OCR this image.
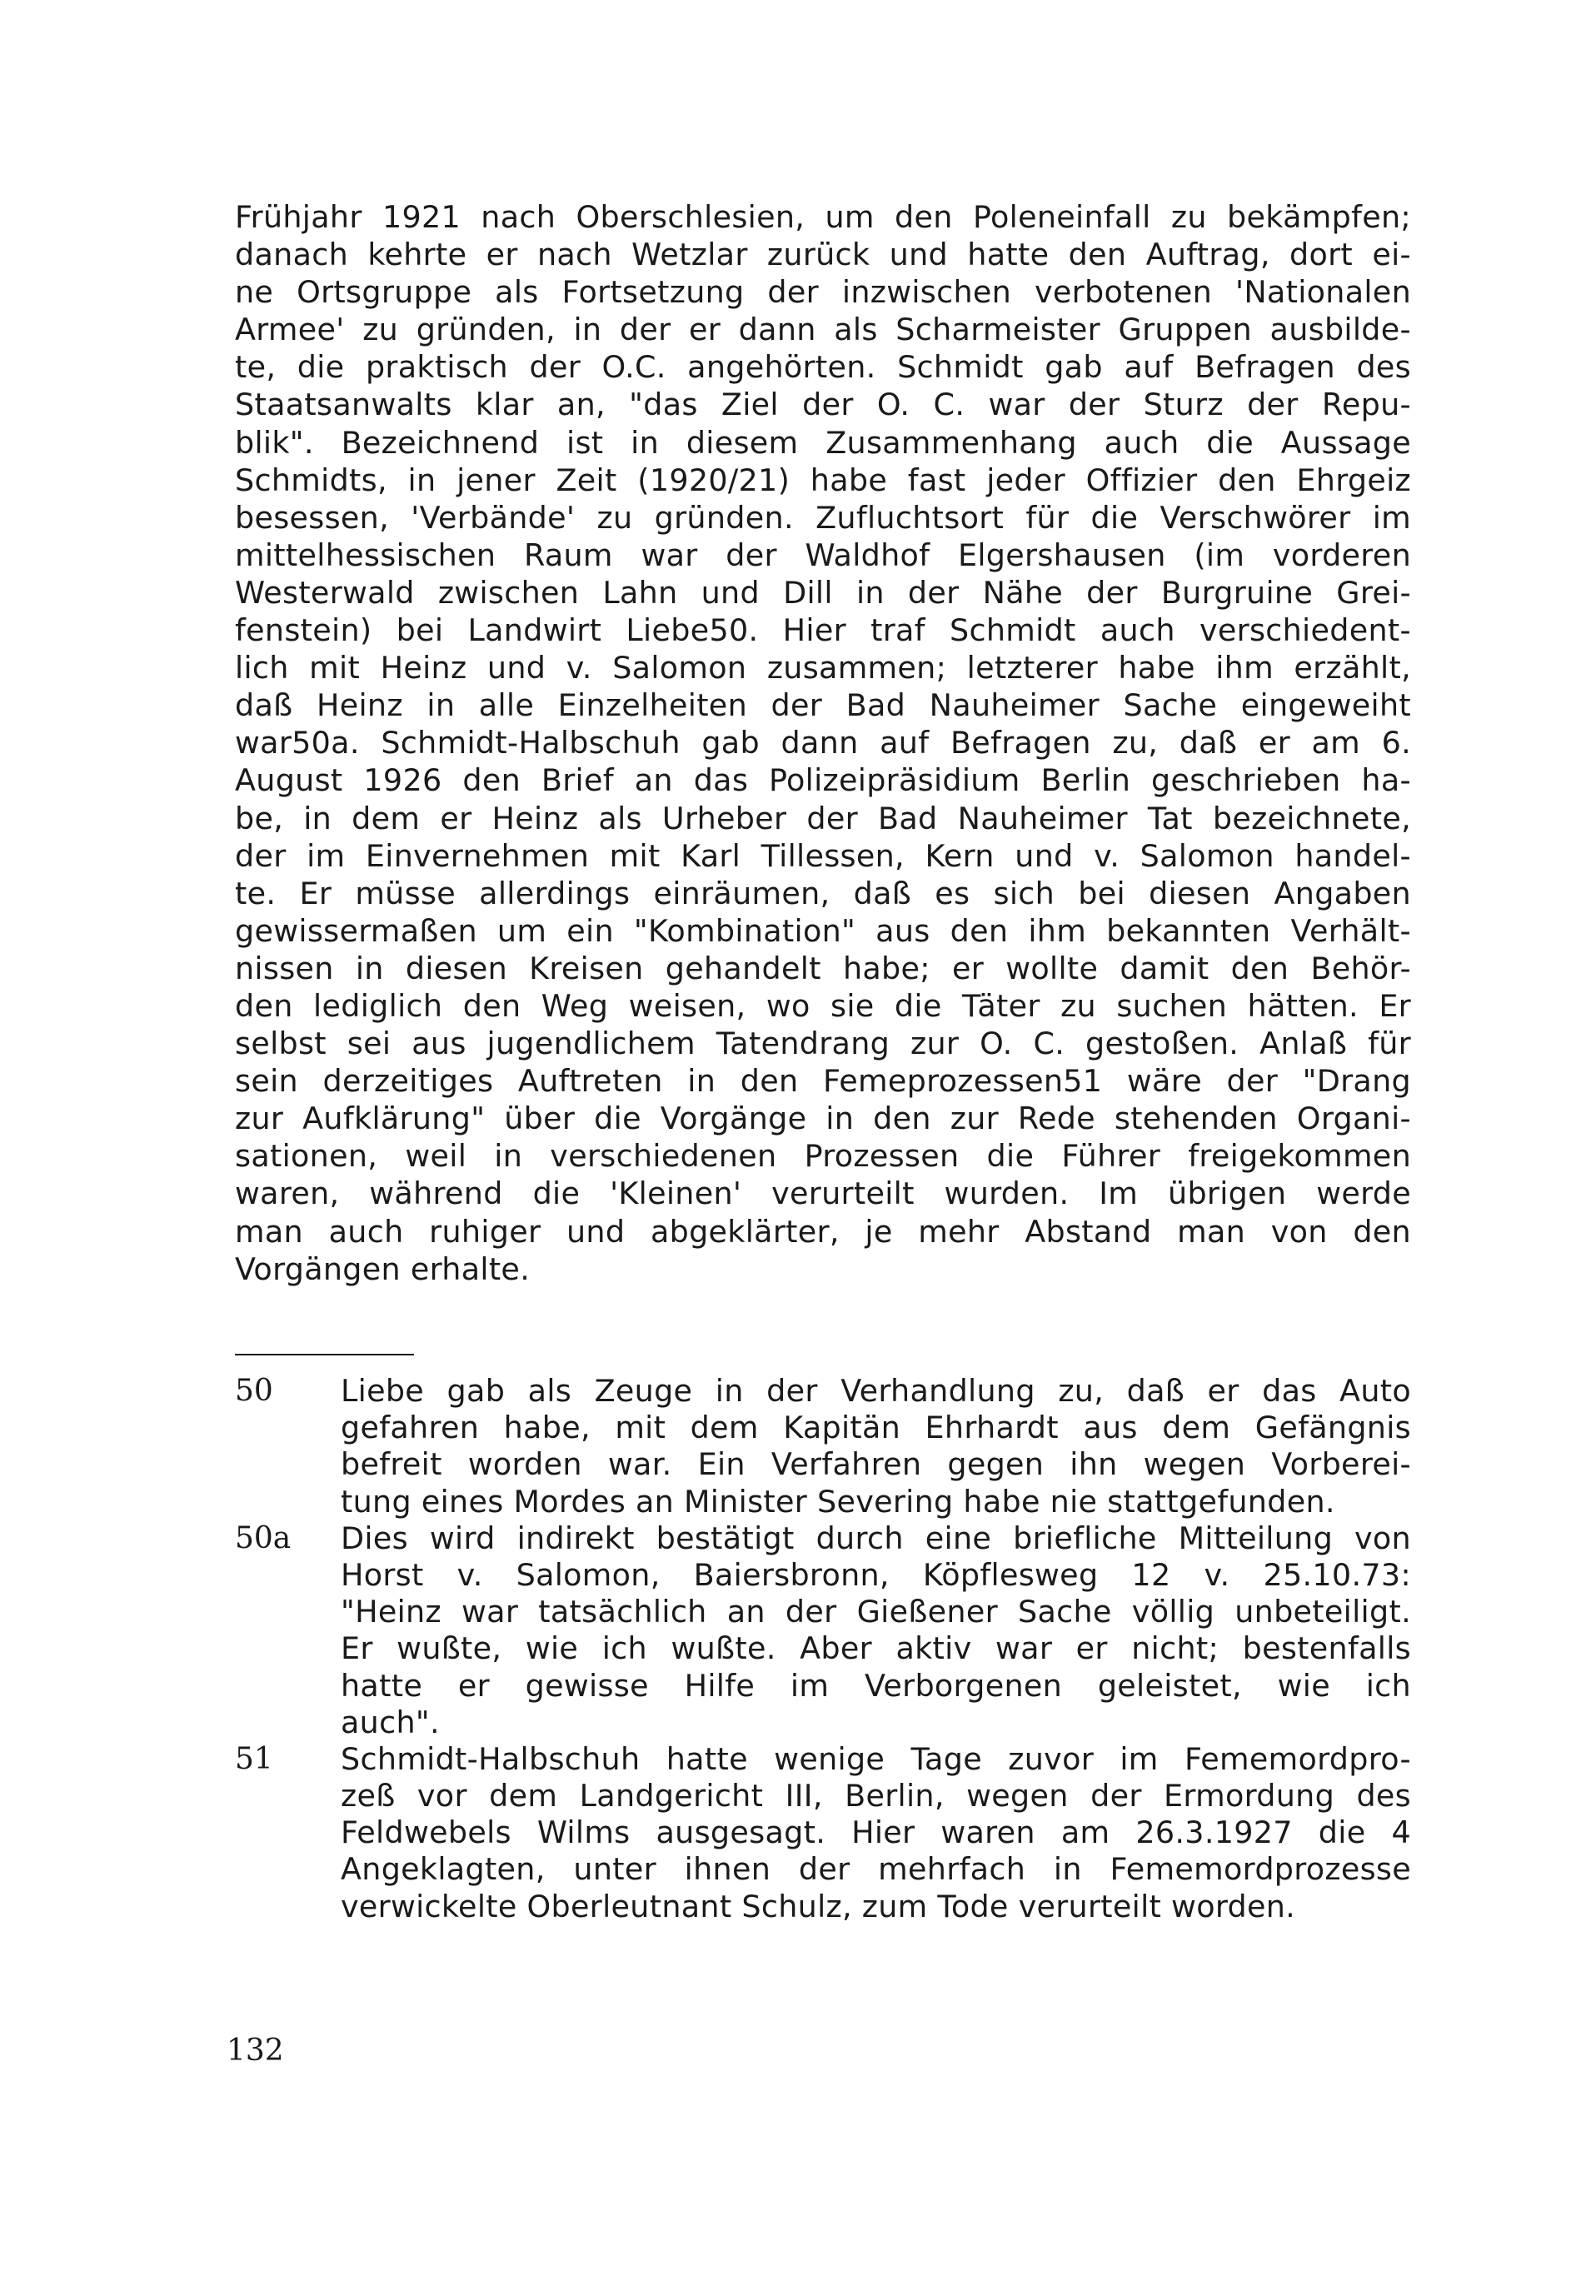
Frühjahr 1921 nach Oberschlesien, um den Poleneinfall zu bekämpfen;
danach kehrte er nach Wetzlar zurück und hatte den Auftrag, dort ei-
ne Ortsgruppe als Fortsetzung der inzwischen verbotenen 'Nationalen
Armee' zu gründen, in der er dann als Scharmeister Gruppen ausbilde-
te, die praktisch der O.C. angehörten. Schmidt gab auf Befragen des
Staatsanwalts klar an, "das Ziel der O. C. war der Sturz der Repu-
blik". Bezeichnend ist in diesem Zusammenhang auch die Aussage
Schmidts, in jener Zeit (1920/21) habe fast jeder Offizier den Ehrgeiz
besessen, 'Verbände' zu gründen. Zufluchtsort für die Verschwörer im
mittelhessischen Raum war der Waldhof Elgershausen (im vorderen
Westerwald zwischen Lahn und Dill in der Nähe der Burgruine Grei-
fenstein) bei Landwirt Liebe50. Hier traf Schmidt auch verschiedent-
lich mit Heinz und v. Salomon zusammen; letzterer habe ihm erzählt,
daß Heinz in alle Einzelheiten der Bad Nauheimer Sache eingeweiht
war50a. Schmidt-Halbschuh gab dann auf Befragen zu, daß er am 6.
August 1926 den Brief an das Polizeipräsidium Berlin geschrieben ha-
be, in dem er Heinz als Urheber der Bad Nauheimer Tat bezeichnete,
der im Einvernehmen mit Karl Tillessen, Kern und v. Salomon handel-
te. Er müsse allerdings einräumen, daß es sich bei diesen Angaben
gewissermaßen um ein "Kombination" aus den ihm bekannten Verhält-
nissen in diesen Kreisen gehandelt habe; er wollte damit den Behör-
den lediglich den Weg weisen, wo sie die Täter zu suchen hätten. Er
selbst sei aus jugendlichem Tatendrang zur O. C. gestoßen. Anlaß für
sein derzeitiges Auftreten in den Femeprozessen51 wäre der "Drang
zur Aufklärung" über die Vorgänge in den zur Rede stehenden Organi-
sationen, weil in verschiedenen Prozessen die Führer freigekommen
waren, während die 'Kleinen' verurteilt wurden. Im übrigen werde
man auch ruhiger und abgeklärter, je mehr Abstand man von den
Vorgängen erhalte.
50 Liebe gab als Zeuge in der Verhandlung zu, daß er das Auto
gefahren habe, mit dem Kapitän Ehrhardt aus dem Gefängnis
befreit worden war. Ein Verfahren gegen ihn wegen Vorberei-
tung eines Mordes an Minister Severing habe nie stattgefunden.
50a Dies wird indirekt bestätigt durch eine briefliche Mitteilung von
Horst v. Salomon, Baiersbronn, Köpflesweg 12 v. 25.10.73:
"Heinz war tatsächlich an der Gießener Sache völlig unbeteiligt.
Er wußte, wie ich wußte. Aber aktiv war er nicht; bestenfalls
hatte er gewisse Hilfe im Verborgenen geleistet, wie ich
auch".
51 Schmidt-Halbschuh hatte wenige Tage zuvor im Fememordpro-
zeß vor dem Landgericht III, Berlin, wegen der Ermordung des
Feldwebels Wilms ausgesagt. Hier waren am 26.3.1927 die 4
Angeklagten, unter ihnen der mehrfach in Fememordprozesse
verwickelte Oberleutnant Schulz, zum Tode verurteilt worden.
132
